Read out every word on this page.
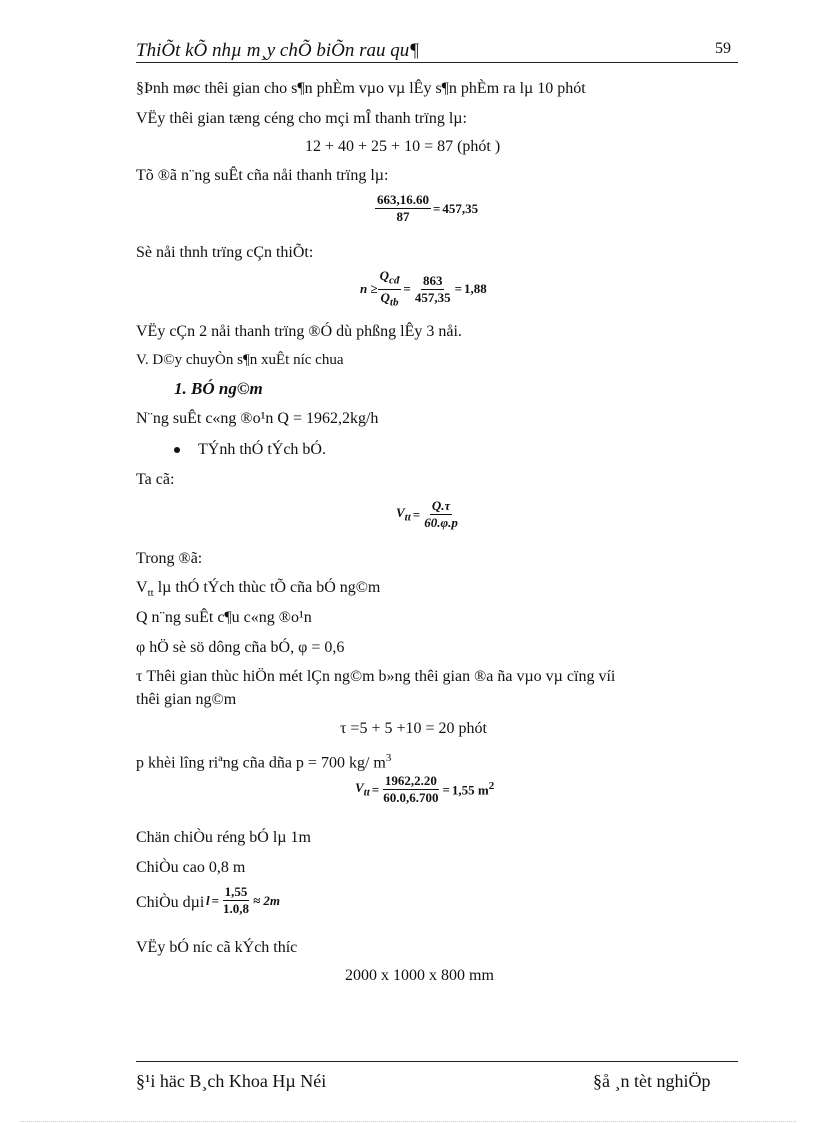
ThiÕt kÕ nhµ m¸y chÕ biÕn rau qu¶	59
§Þnh møc thêi gian cho s¶n phÈm vµo vµ lÊy s¶n phÈm ra lµ 10 phót
VËy thêi gian tæng céng cho mçi mÎ thanh trïng lµ:
12 + 40 + 25 + 10 = 87 (phót )
Tõ ®ã n¨ng suÊt cña nåi thanh trïng lµ:
$\frac{663,16.60}{87} = 457,35$
Sè nåi thnh trïng cÇn thiÕt:
$n \ge \frac{Q_{cđ}}{Q_{tb}} = \frac{863}{457,35} = 1,88$
VËy cÇn 2 nåi thanh trïng ®Ó dù phßng lÊy 3 nåi.
V. D©y chuyÒn s¶n xuÊt níc chua
1. BÓ ng©m
N¨ng suÊt c«ng ®o¹n Q = 1962,2kg/h
TÝnh thÓ tÝch bÓ.
Ta cã:
$V_{tt} = \frac{Q.\tau}{60.\varphi.p}$
Trong ®ã:
$V_{tt}$ lµ thÓ tÝch thùc tÕ cña bÓ ng©m
Q n¨ng suÊt c¶u c«ng ®o¹n
φ hÖ sè sö dông cña bÓ, φ = 0,6
τ Thêi gian thùc hiÖn mét lÇn ng©m b»ng thêi gian ®a ña vµo vµ cïng víi
thêi gian ng©m
τ =5 + 5 +10 = 20 phót
p khèi lîng riªng cña dña p = 700 kg/ $m^3$
$V_{tt} = \frac{1962,2.20}{60.0,6.700} = 1,55$ $m^2$
Chän chiÒu réng bÓ lµ 1m
ChiÒu cao 0,8 m
ChiÒu dµi $l = \frac{1,55}{1.0,8} \approx 2m$
VËy bÓ níc cã kÝch thíc
2000 x 1000 x 800 mm
§¹i häc B¸ch Khoa Hµ Néi	§å ¸n tèt nghiÖp
